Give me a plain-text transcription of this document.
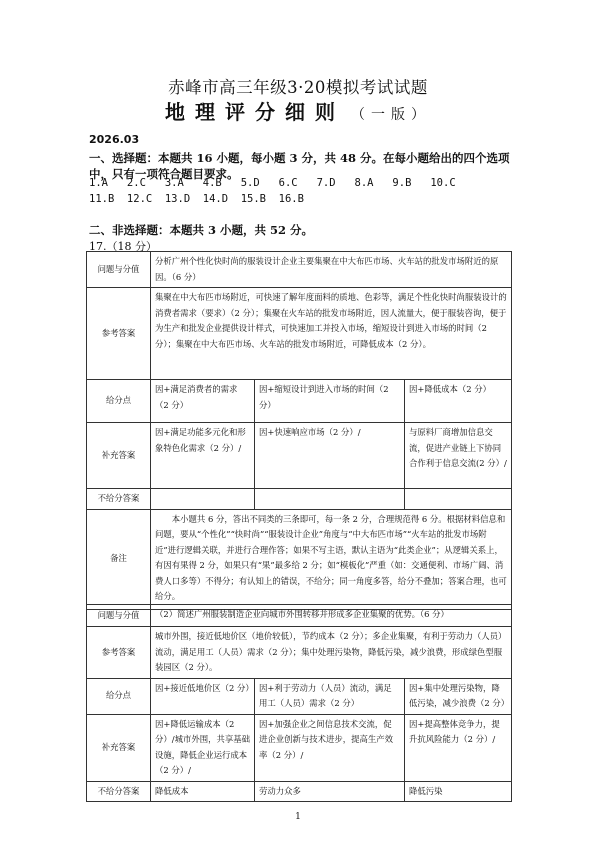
赤峰市高三年级3·20模拟考试试题
地理评分细则 （一版）
2026.03
一、选择题：本题共 16 小题，每小题 3 分，共 48 分。在每小题给出的四个选项中，只有一项符合题目要求。
1.A   2.C   3.A   4.B   5.D   6.C   7.D   8.A   9.B   10.C
11.B  12.C  13.D  14.D  15.B  16.B
二、非选择题：本题共 3 小题，共 52 分。
17.（18 分）
问题与分值	分析广州个性化快时尚的服装设计企业主要集聚在中大布匹市场、火车站的批发市场附近的原因。（6 分）		
参考答案	集聚在中大布匹市场附近，可快速了解年度面料的质地、色彩等，满足个性化快时尚服装设计的消费者需求（要求）（2 分）；集聚在火车站的批发市场附近，因人流量大，便于服装咨询，便于为生产和批发企业提供设计样式，可快速加工并投入市场，缩短设计到进入市场的时间（2 分）；集聚在中大布匹市场、火车站的批发市场附近，可降低成本（2 分）。		
给分点	因+满足消费者的需求（2 分）	因+缩短设计到进入市场的时间（2 分）	因+降低成本（2 分）
补充答案	因+满足功能多元化和形象特色化需求（2 分）/	因+快速响应市场（2 分）/	与原料厂商增加信息交流，促进产业链上下协同合作利于信息交流(2 分）/
不给分答案			
备注	本小题共 6 分，答出不同类的三条即可，每一条 2 分，合理规范得 6 分。根据材料信息和问题，要从“个性化”“快时尚”“服装设计企业”角度与“中大布匹市场”“火车站的批发市场附近”进行逻辑关联，并进行合理作答；如果不写主语，默认主语为“此类企业”；从逻辑关系上，有因有果得 2 分，如果只有“果”最多给 2 分；如“模板化”严重（如：交通便利、市场广阔、消费人口多等）不得分；有认知上的错误，不给分；同一角度多答，给分不叠加；答案合理，也可给分。		
问题与分值	（2）简述广州服装制造企业向城市外围转移并形成多企业集聚的优势。（6 分）		
参考答案	城市外围，接近低地价区（地价较低），节约成本（2 分）；多企业集聚，有利于劳动力（人员）流动，满足用工（人员）需求（2 分）；集中处理污染物，降低污染，减少浪费，形成绿色型服装园区（2 分）。		
给分点	因+接近低地价区（2 分）	因+利于劳动力（人员）流动，满足用工（人员）需求（2 分）	因+集中处理污染物，降低污染，减少浪费（2 分）
补充答案	因+降低运输成本（2 分）/城市外围，共享基础设施，降低企业运行成本（2 分）/	因+加强企业之间信息技术交流，促进企业创新与技术进步，提高生产效率（2 分）/	因+提高整体竞争力，提升抗风险能力（2 分）/
不给分答案	降低成本	劳动力众多	降低污染
1
